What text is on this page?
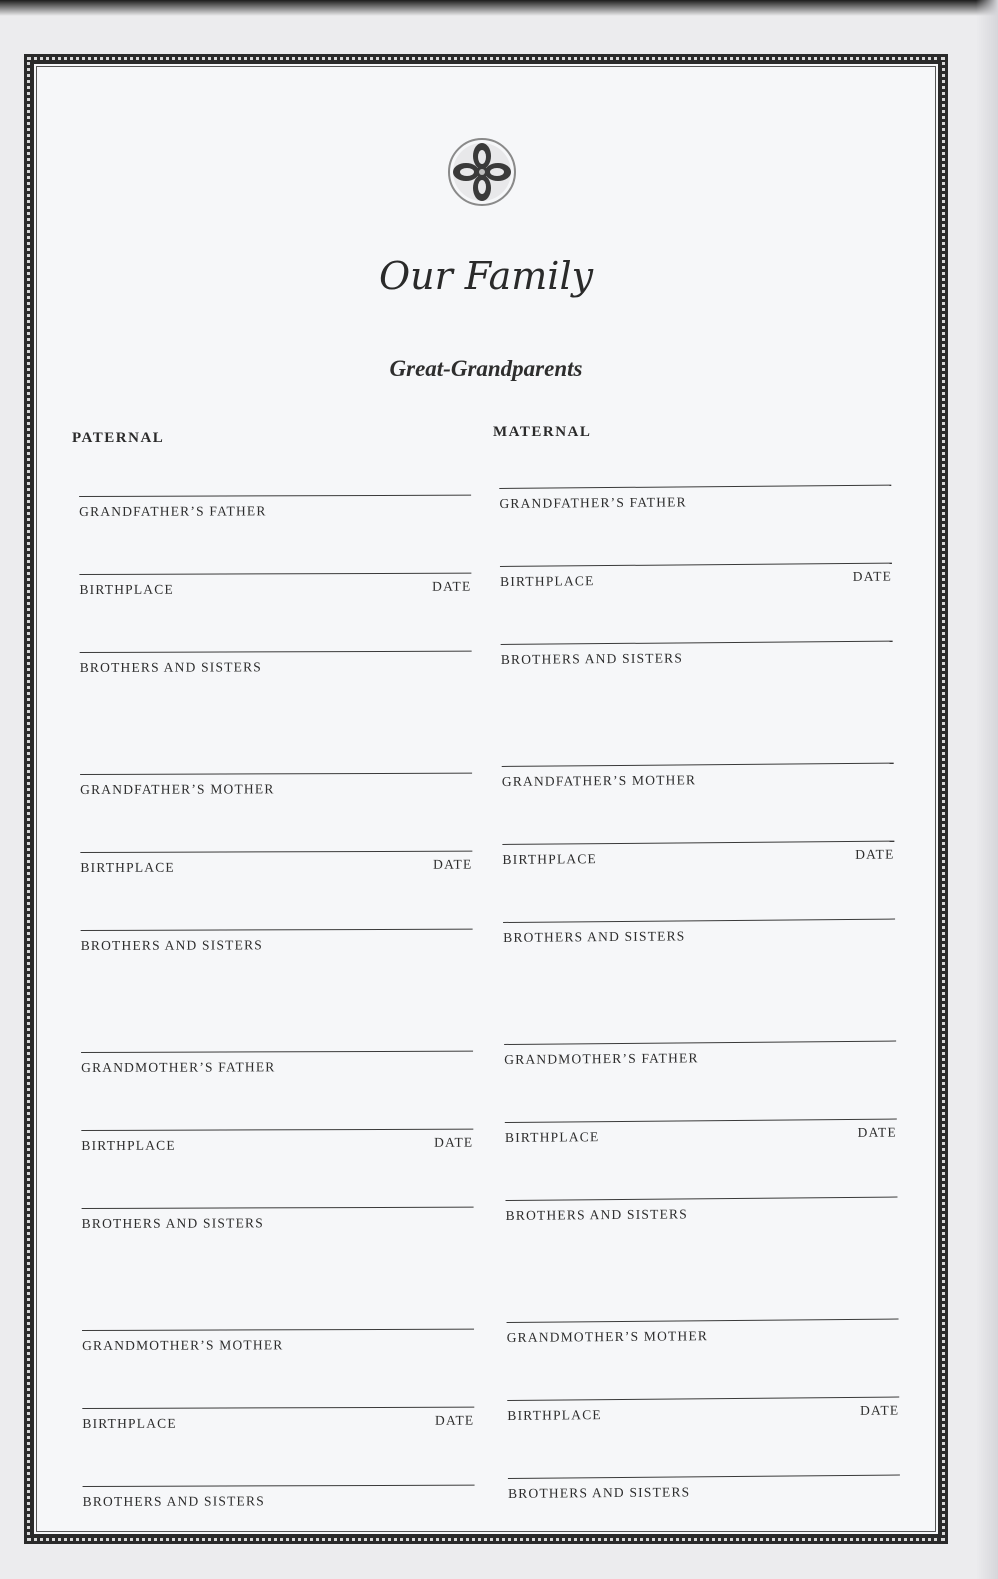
Our Family
Great-Grandparents
PATERNAL	MATERNAL
GRANDFATHER’S FATHER
BIRTHPLACE	DATE
BROTHERS AND SISTERS
GRANDFATHER’S MOTHER
BIRTHPLACE	DATE
BROTHERS AND SISTERS
GRANDMOTHER’S FATHER
BIRTHPLACE	DATE
BROTHERS AND SISTERS
GRANDMOTHER’S MOTHER
BIRTHPLACE	DATE
BROTHERS AND SISTERS
GRANDFATHER’S FATHER
BIRTHPLACE	DATE
BROTHERS AND SISTERS
GRANDFATHER’S MOTHER
BIRTHPLACE	DATE
BROTHERS AND SISTERS
GRANDMOTHER’S FATHER
BIRTHPLACE	DATE
BROTHERS AND SISTERS
GRANDMOTHER’S MOTHER
BIRTHPLACE	DATE
BROTHERS AND SISTERS
